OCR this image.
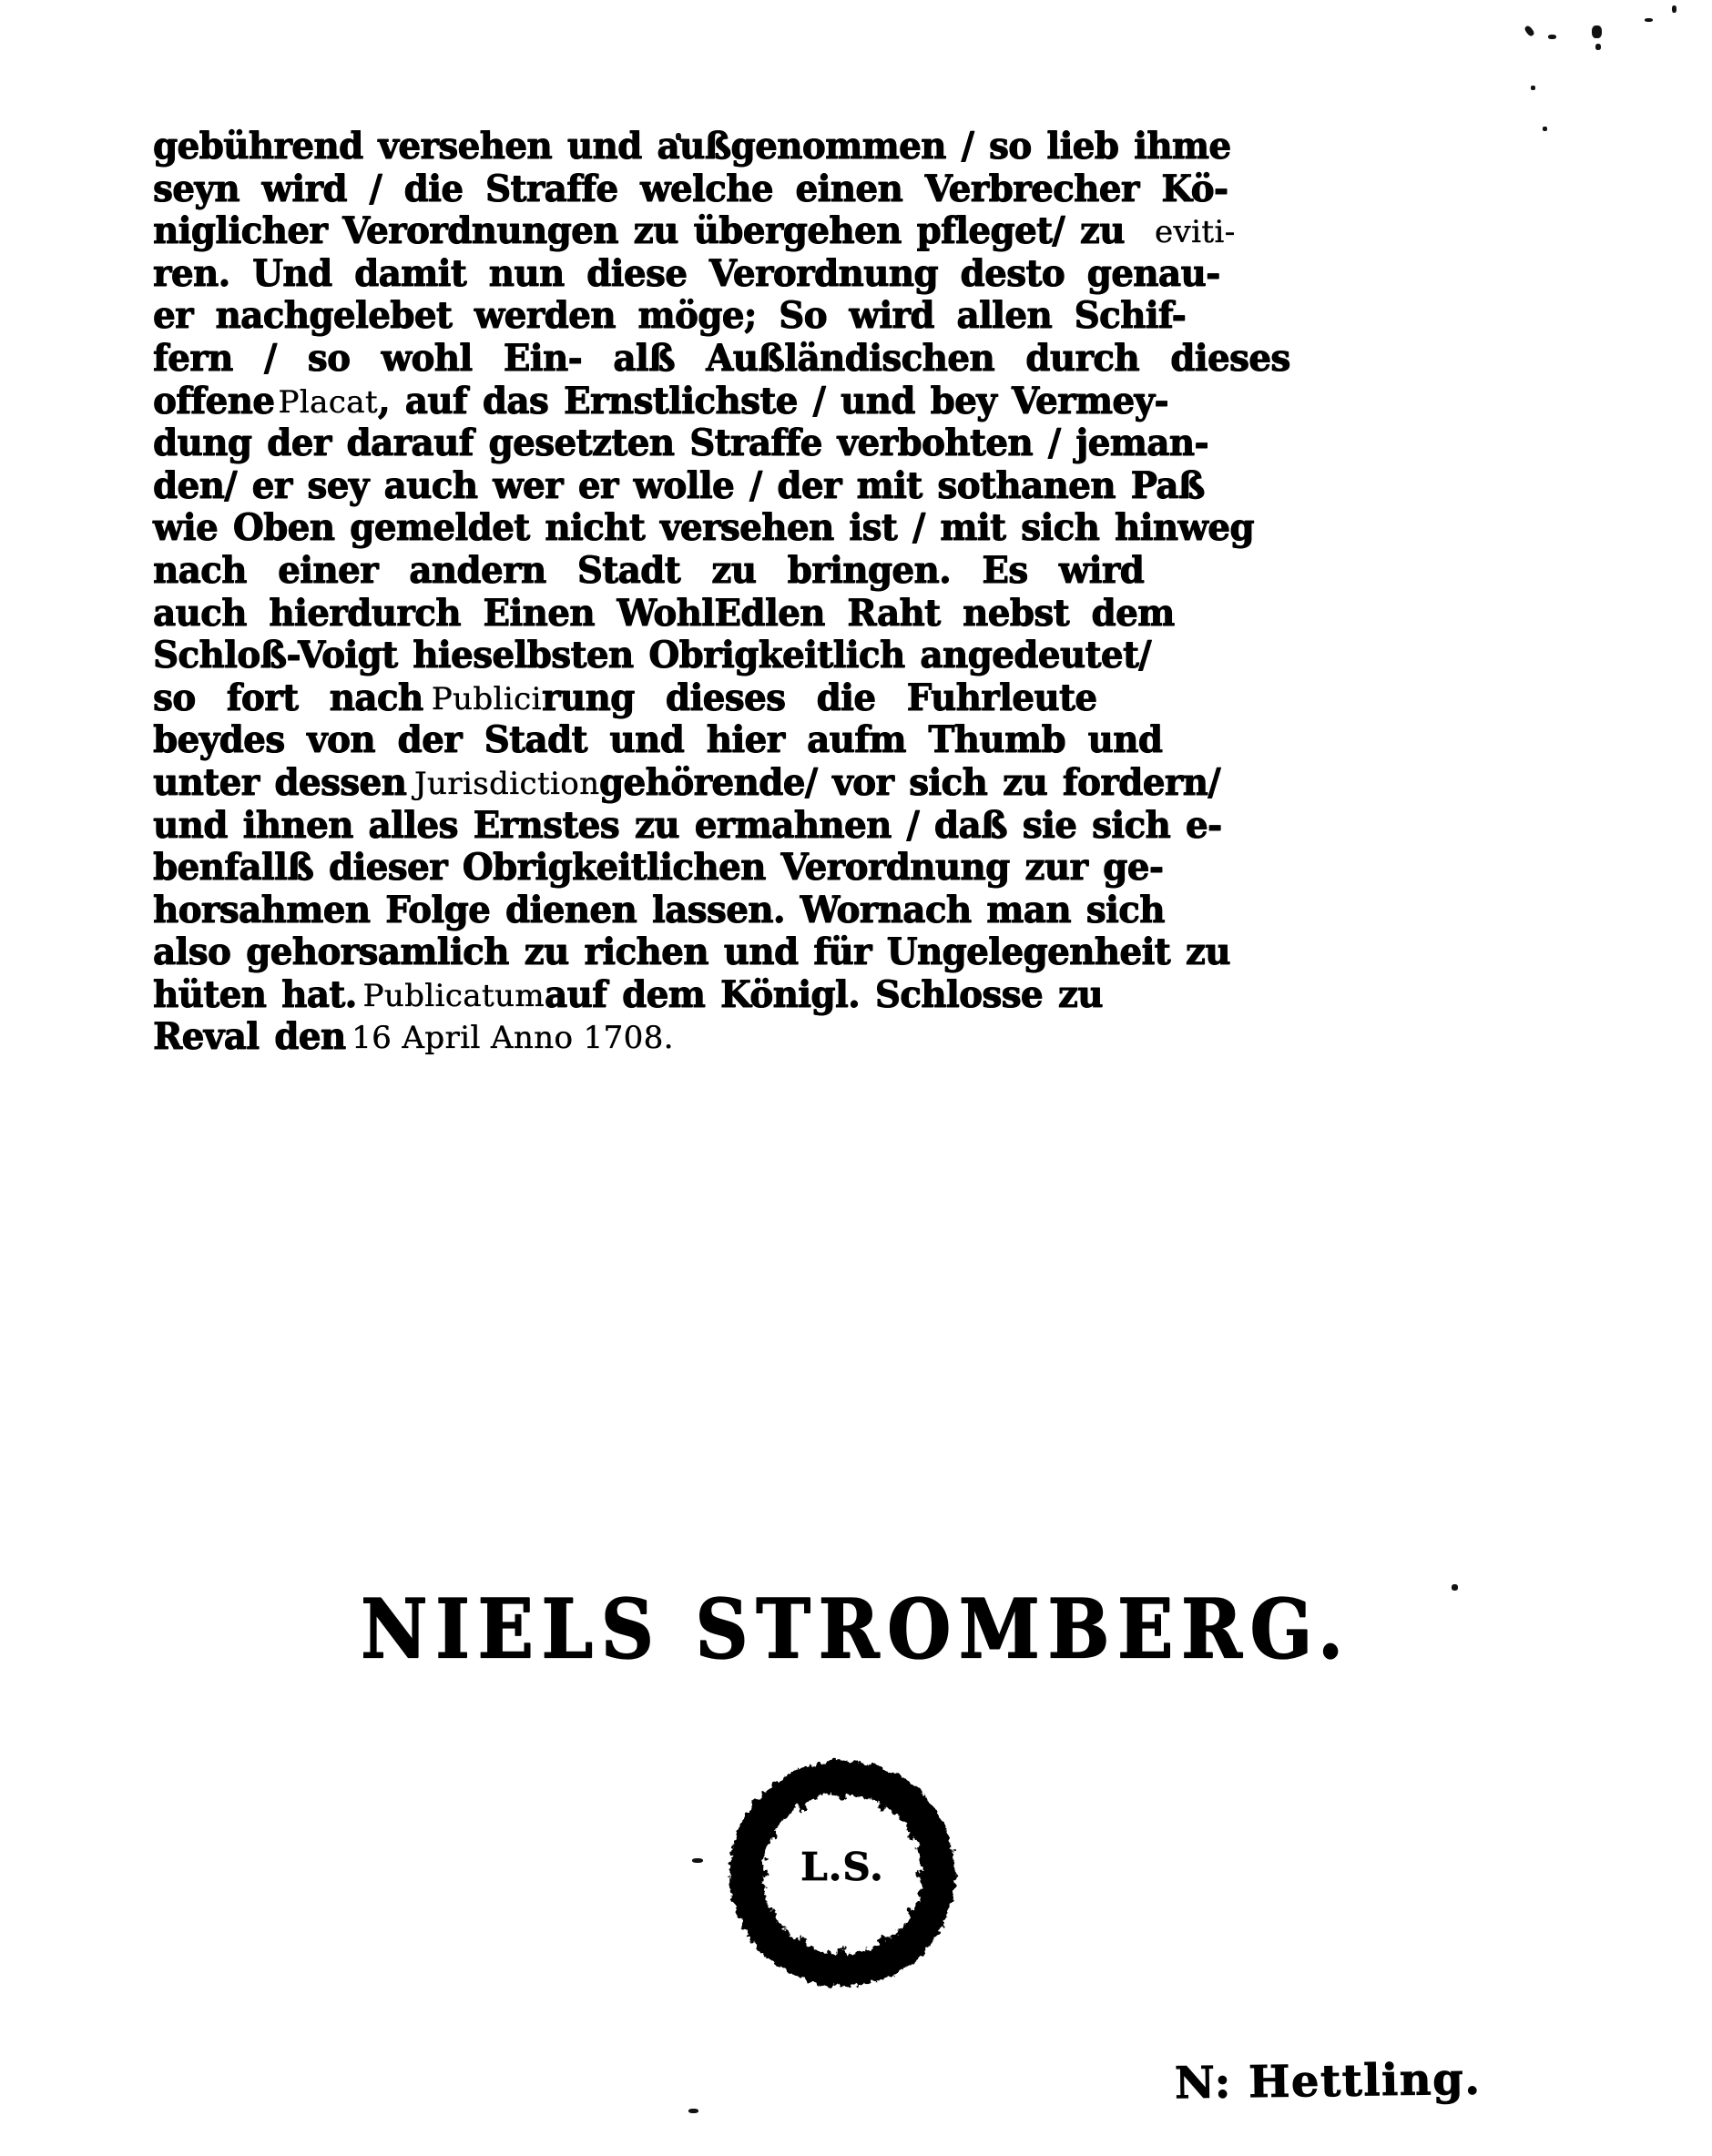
gebührend versehen und außgenommen / so lieb ihme
seyn wird / die Straffe welche einen Verbrecher Kö-
niglicher Verordnungen zu übergehen pfleget/ zueviti-
ren. Und damit nun diese Verordnung desto genau-
er nachgelebet werden möge; So wird allen Schif-
fern / so wohl Ein- alß Außländischen durch dieses
offenePlacat, auf das Ernstlichste / und bey Vermey-
dung der darauf gesetzten Straffe verbohten / jeman-
den/ er sey auch wer er wolle / der mit sothanen Paß
wie Oben gemeldet nicht versehen ist / mit sich hinweg
nach einer andern Stadt zu bringen. Es wird
auch hierdurch Einen WohlEdlen Raht nebst dem
Schloß-Voigt hieselbsten Obrigkeitlich angedeutet/
so fort nachPublicirung dieses die Fuhrleute
beydes von der Stadt und hier aufm Thumb und
unter dessenJurisdictiongehörende/ vor sich zu fordern/
und ihnen alles Ernstes zu ermahnen / daß sie sich e-
benfallß dieser Obrigkeitlichen Verordnung zur ge-
horsahmen Folge dienen lassen. Wornach man sich
also gehorsamlich zu richen und für Ungelegenheit zu
hüten hat.Publicatumauf dem Königl. Schlosse zu
Reval den16 April Anno 1708.
NIELS STROMBERG.
L.S.
N: Hettling.
